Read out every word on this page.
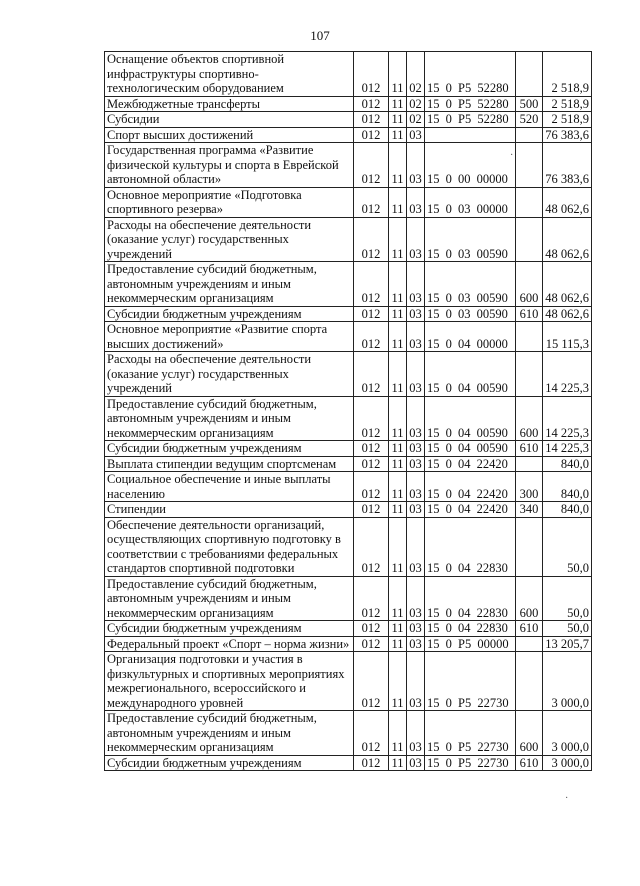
107
Оснащение объектов спортивной инфраструктуры спортивно-технологическим оборудованием	012	11	02	15 0 Р5 52280		2 518,9
Межбюджетные трансферты	012	11	02	15 0 Р5 52280	500	2 518,9
Субсидии	012	11	02	15 0 Р5 52280	520	2 518,9
Спорт высших достижений	012	11	03			76 383,6
Государственная программа «Развитие физической культуры и спорта в Еврейской автономной области»	012	11	03	15 0 00 00000		76 383,6
Основное мероприятие «Подготовка спортивного резерва»	012	11	03	15 0 03 00000		48 062,6
Расходы на обеспечение деятельности (оказание услуг) государственных учреждений	012	11	03	15 0 03 00590		48 062,6
Предоставление субсидий бюджетным, автономным учреждениям и иным некоммерческим организациям	012	11	03	15 0 03 00590	600	48 062,6
Субсидии бюджетным учреждениям	012	11	03	15 0 03 00590	610	48 062,6
Основное мероприятие «Развитие спорта высших достижений»	012	11	03	15 0 04 00000		15 115,3
Расходы на обеспечение деятельности (оказание услуг) государственных учреждений	012	11	03	15 0 04 00590		14 225,3
Предоставление субсидий бюджетным, автономным учреждениям и иным некоммерческим организациям	012	11	03	15 0 04 00590	600	14 225,3
Субсидии бюджетным учреждениям	012	11	03	15 0 04 00590	610	14 225,3
Выплата стипендии ведущим спортсменам	012	11	03	15 0 04 22420		840,0
Социальное обеспечение и иные выплаты населению	012	11	03	15 0 04 22420	300	840,0
Стипендии	012	11	03	15 0 04 22420	340	840,0
Обеспечение деятельности организаций, осуществляющих спортивную подготовку в соответствии с требованиями федеральных стандартов спортивной подготовки	012	11	03	15 0 04 22830		50,0
Предоставление субсидий бюджетным, автономным учреждениям и иным некоммерческим организациям	012	11	03	15 0 04 22830	600	50,0
Субсидии бюджетным учреждениям	012	11	03	15 0 04 22830	610	50,0
Федеральный проект «Спорт – норма жизни»	012	11	03	15 0 Р5 00000		13 205,7
Организация подготовки и участия в физкультурных и спортивных мероприятиях межрегионального, всероссийского и международного уровней	012	11	03	15 0 Р5 22730		3 000,0
Предоставление субсидий бюджетным, автономным учреждениям и иным некоммерческим организациям	012	11	03	15 0 Р5 22730	600	3 000,0
Субсидии бюджетным учреждениям	012	11	03	15 0 Р5 22730	610	3 000,0
·
·
